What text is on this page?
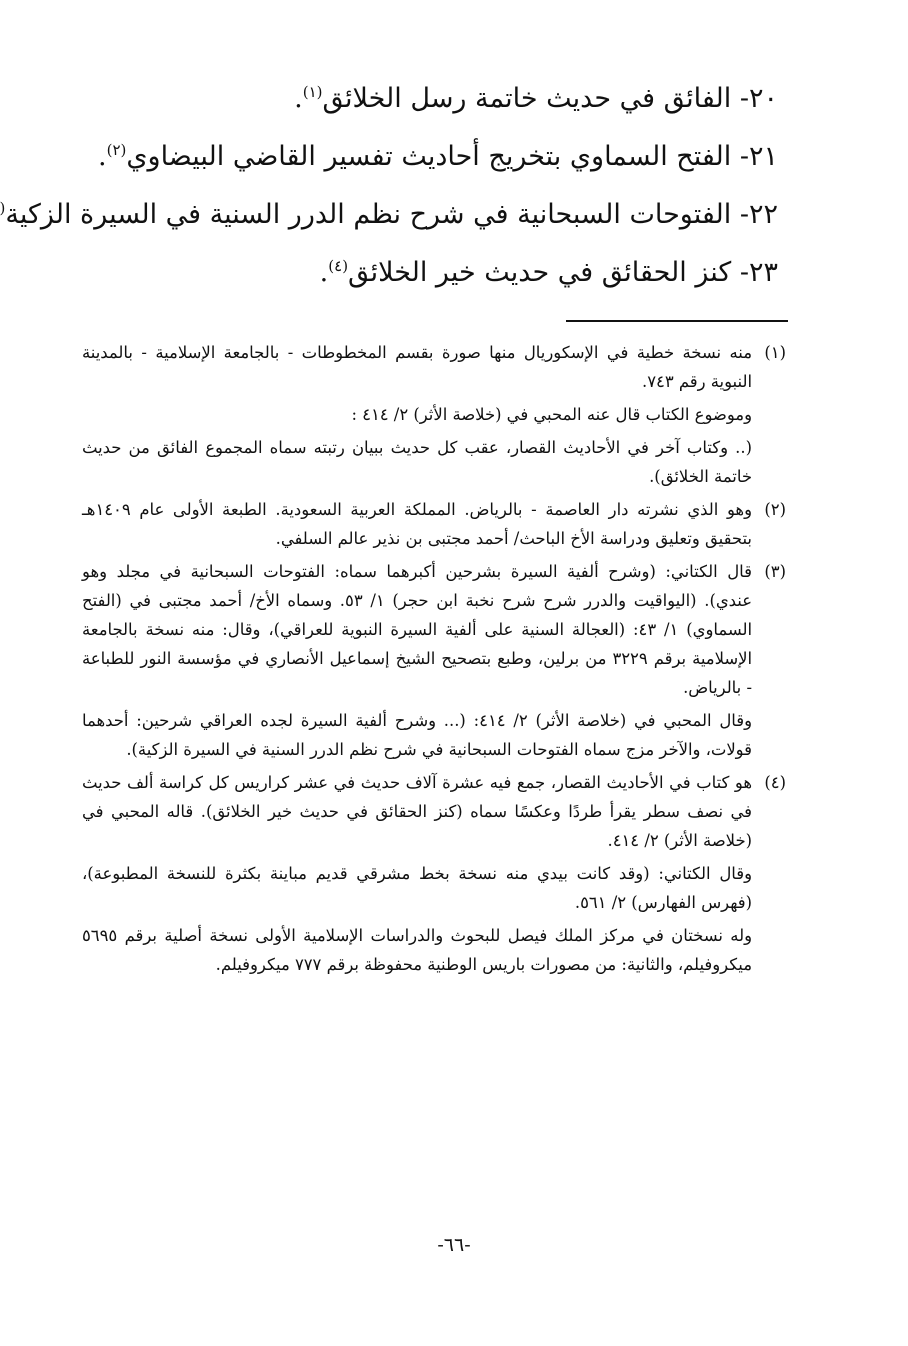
٢٠- الفائق في حديث خاتمة رسل الخلائق$^{(١)}$.
٢١- الفتح السماوي بتخريج أحاديث تفسير القاضي البيضاوي$^{(٢)}$.
٢٢- الفتوحات السبحانية في شرح نظم الدرر السنية في السيرة الزكية(
٢٣- كنز الحقائق في حديث خير الخلائق$^{(٤)}$.
(١)

منه نسخة خطية في الإسكوريال منها صورة بقسم المخطوطات - بالجامعة الإسلامية - بالمدينة النبوية رقم ٧٤٣.

وموضوع الكتاب قال عنه المحبي في (خلاصة الأثر) ٢/ ٤١٤ :

(.. وكتاب آخر في الأحاديث القصار، عقب كل حديث ببيان رتبته سماه المجموع الفائق من حديث خاتمة الخلائق).

(٢)

وهو الذي نشرته دار العاصمة - بالرياض. المملكة العربية السعودية. الطبعة الأولى عام ١٤٠٩هـ بتحقيق وتعليق ودراسة الأخ الباحث/ أحمد مجتبى بن نذير عالم السلفي.

(٣)

قال الكتاني: (وشرح ألفية السيرة بشرحين أكبرهما سماه: الفتوحات السبحانية في مجلد وهو عندي). (اليواقيت والدرر شرح شرح نخبة ابن حجر) ١/ ٥٣. وسماه الأخ/ أحمد مجتبى في (الفتح السماوي) ١/ ٤٣: (العجالة السنية على ألفية السيرة النبوية للعراقي)، وقال: منه نسخة بالجامعة الإسلامية برقم ٣٢٢٩ من برلين، وطبع بتصحيح الشيخ إسماعيل الأنصاري في مؤسسة النور للطباعة - بالرياض.

وقال المحبي في (خلاصة الأثر) ٢/ ٤١٤: (... وشرح ألفية السيرة لجده العراقي شرحين: أحدهما قولات، والآخر مزج سماه الفتوحات السبحانية في شرح نظم الدرر السنية في السيرة الزكية).

(٤)

هو كتاب في الأحاديث القصار، جمع فيه عشرة آلاف حديث في عشر كراريس كل كراسة ألف حديث في نصف سطر يقرأ طردًا وعكسًا سماه (كنز الحقائق في حديث خير الخلائق). قاله المحبي في (خلاصة الأثر) ٢/ ٤١٤.

وقال الكتاني: (وقد كانت بيدي منه نسخة بخط مشرقي قديم مباينة بكثرة للنسخة المطبوعة)، (فهرس الفهارس) ٢/ ٥٦١.

وله نسختان في مركز الملك فيصل للبحوث والدراسات الإسلامية الأولى نسخة أصلية برقم ٥٦٩٥ ميكروفيلم، والثانية: من مصورات باريس الوطنية محفوظة برقم ٧٧٧ ميكروفيلم.

-٦٦-
